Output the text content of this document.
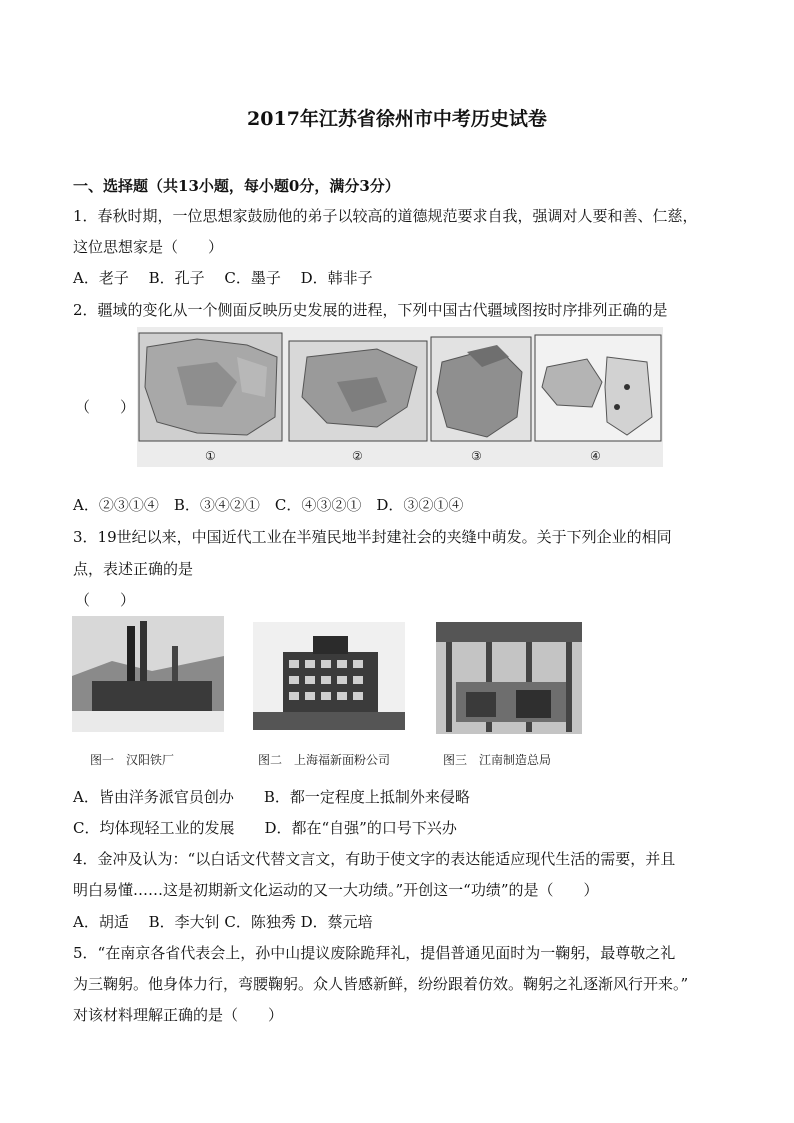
2017年江苏省徐州市中考历史试卷
一、选择题（共13小题，每小题0分，满分3分）
1．春秋时期，一位思想家鼓励他的弟子以较高的道德规范要求自我，强调对人要和善、仁慈，
这位思想家是（　　）
A．老子　 B．孔子　 C．墨子　 D．韩非子
2．疆域的变化从一个侧面反映历史发展的进程，下列中国古代疆域图按时序排列正确的是
（　　）
①	②	③	④
A．②③①④　B．③④②①　C．④③②①　D．③②①④
3．19世纪以来，中国近代工业在半殖民地半封建社会的夹缝中萌发。关于下列企业的相同
点，表述正确的是
（　　）
图一　汉阳铁厂	图二　上海福新面粉公司	图三　江南制造总局
A．皆由洋务派官员创办　　B．都一定程度上抵制外来侵略
C．均体现轻工业的发展　　D．都在“自强”的口号下兴办
4．金冲及认为：“以白话文代替文言文，有助于使文字的表达能适应现代生活的需要，并且
明白易懂……这是初期新文化运动的又一大功绩。”开创这一“功绩”的是（　　）
A．胡适　 B．李大钊 C．陈独秀 D．蔡元培
5．“在南京各省代表会上，孙中山提议废除跪拜礼，提倡普通见面时为一鞠躬，最尊敬之礼
为三鞠躬。他身体力行，弯腰鞠躬。众人皆感新鲜，纷纷跟着仿效。鞠躬之礼逐渐风行开来。”
对该材料理解正确的是（　　）
